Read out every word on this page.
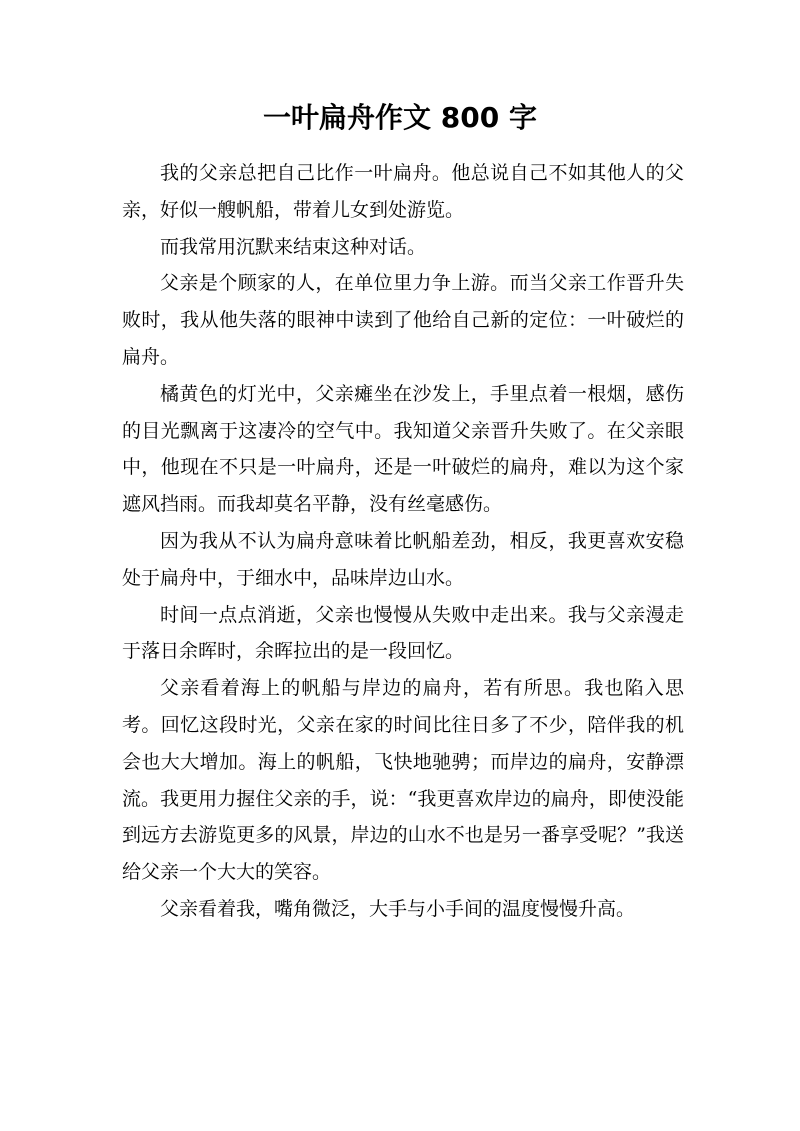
一叶扁舟作文 800 字

我的父亲总把自己比作一叶扁舟。他总说自己不如其他人的父亲，好似一艘帆船，带着儿女到处游览。

而我常用沉默来结束这种对话。

父亲是个顾家的人，在单位里力争上游。而当父亲工作晋升失败时，我从他失落的眼神中读到了他给自己新的定位：一叶破烂的扁舟。

橘黄色的灯光中，父亲瘫坐在沙发上，手里点着一根烟，感伤的目光飘离于这凄冷的空气中。我知道父亲晋升失败了。在父亲眼中，他现在不只是一叶扁舟，还是一叶破烂的扁舟，难以为这个家遮风挡雨。而我却莫名平静，没有丝毫感伤。

因为我从不认为扁舟意味着比帆船差劲，相反，我更喜欢安稳处于扁舟中，于细水中，品味岸边山水。

时间一点点消逝，父亲也慢慢从失败中走出来。我与父亲漫走于落日余晖时，余晖拉出的是一段回忆。

父亲看着海上的帆船与岸边的扁舟，若有所思。我也陷入思考。回忆这段时光，父亲在家的时间比往日多了不少，陪伴我的机会也大大增加。海上的帆船，飞快地驰骋；而岸边的扁舟，安静漂流。我更用力握住父亲的手，说：“我更喜欢岸边的扁舟，即使没能到远方去游览更多的风景，岸边的山水不也是另一番享受呢？”我送给父亲一个大大的笑容。

父亲看着我，嘴角微泛，大手与小手间的温度慢慢升高。
